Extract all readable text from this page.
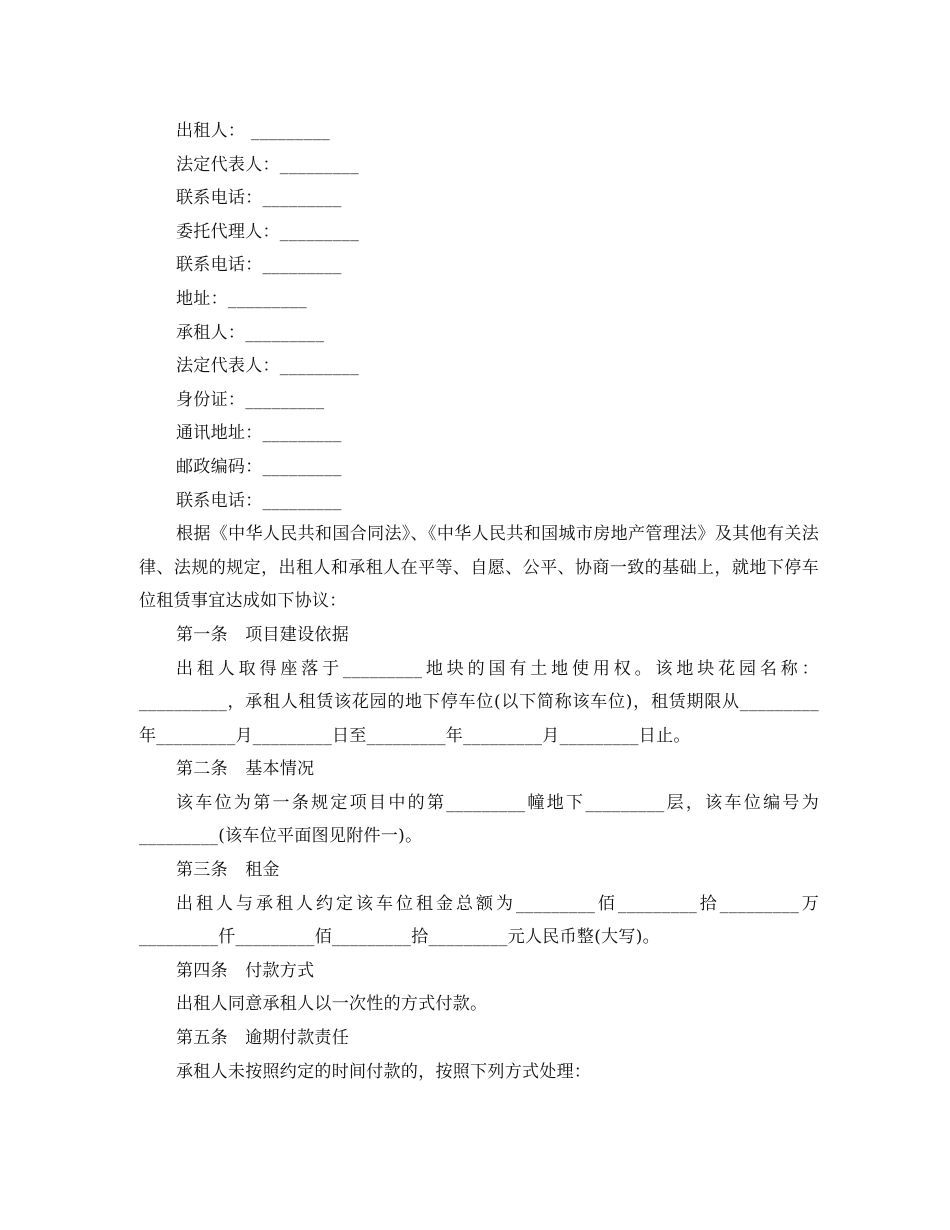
出租人： _________
法定代表人：_________
联系电话：_________
委托代理人：_________
联系电话：_________
地址：_________
承租人：_________
法定代表人：_________
身份证：_________
通讯地址：_________
邮政编码：_________
联系电话：_________
根据《中华人民共和国合同法》、《中华人民共和国城市房地产管理法》及其他有关法律、法规的规定，出租人和承租人在平等、自愿、公平、协商一致的基础上，就地下停车位租赁事宜达成如下协议：
第一条　项目建设依据
出租人取得座落于_________地块的国有土地使用权。该地块花园名称：__________，承租人租赁该花园的地下停车位(以下简称该车位)，租赁期限从_________年_________月_________日至_________年_________月_________日止。
第二条　基本情况
该车位为第一条规定项目中的第_________幢地下_________层，该车位编号为_________(该车位平面图见附件一)。
第三条　租金
出租人与承租人约定该车位租金总额为_________佰_________拾_________万_________仟_________佰_________拾_________元人民币整(大写)。
第四条　付款方式
出租人同意承租人以一次性的方式付款。
第五条　逾期付款责任
承租人未按照约定的时间付款的，按照下列方式处理：
